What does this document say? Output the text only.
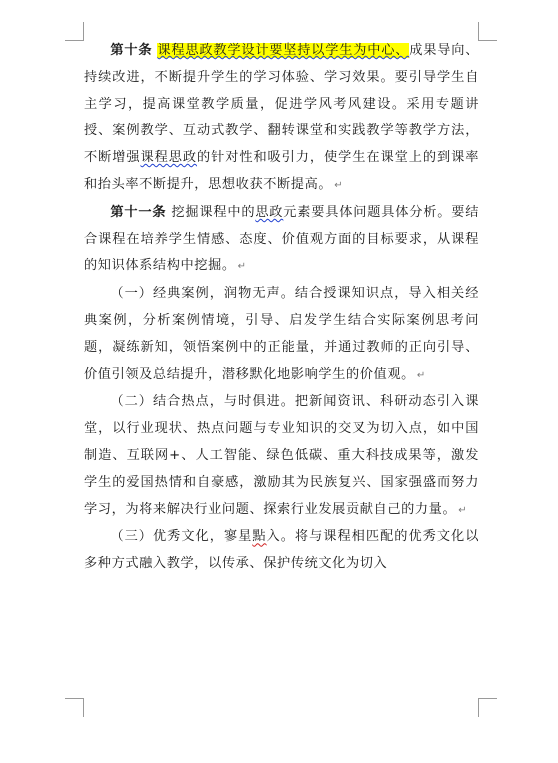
第十条 课程思政教学设计要坚持以学生为中心、成果导向、持续改进，不断提升学生的学习体验、学习效果。要引导学生自主学习，提高课堂教学质量，促进学风考风建设。采用专题讲授、案例教学、互动式教学、翻转课堂和实践教学等教学方法，不断增强课程思政的针对性和吸引力，使学生在课堂上的到课率和抬头率不断提升，思想收获不断提高。 ↵

第十一条 挖掘课程中的思政元素要具体问题具体分析。要结合课程在培养学生情感、态度、价值观方面的目标要求，从课程的知识体系结构中挖掘。 ↵

（一）经典案例，润物无声。结合授课知识点，导入相关经典案例，分析案例情境，引导、启发学生结合实际案例思考问题，凝练新知，领悟案例中的正能量，并通过教师的正向引导、价值引领及总结提升，潜移默化地影响学生的价值观。 ↵

（二）结合热点，与时俱进。把新闻资讯、科研动态引入课堂，以行业现状、热点问题与专业知识的交叉为切入点，如中国制造、互联网+、人工智能、绿色低碳、重大科技成果等，激发学生的爱国热情和自豪感，激励其为民族复兴、国家强盛而努力学习，为将来解决行业问题、探索行业发展贡献自己的力量。 ↵

（三）优秀文化，寥星點入。将与课程相匹配的优秀文化以多种方式融入教学，以传承、保护传统文化为切入
